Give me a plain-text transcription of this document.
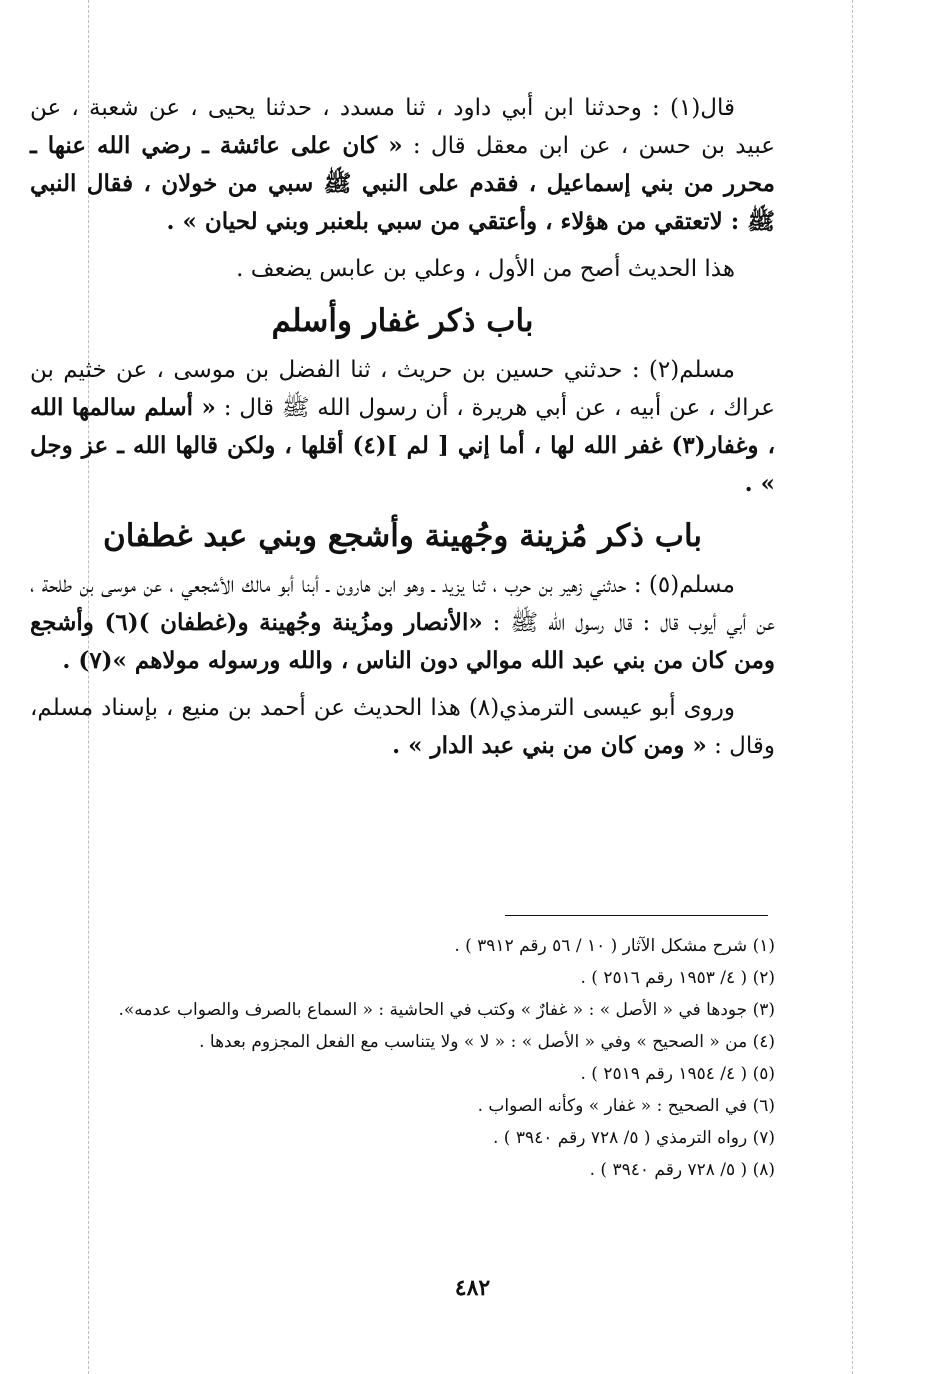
قال(١) : وحدثنا ابن أبي داود ، ثنا مسدد ، حدثنا يحيى ، عن شعبة ، عن عبيد بن حسن ، عن ابن معقل قال : « كان على عائشة ـ رضي الله عنها ـ محرر من بني إسماعيل ، فقدم على النبي ﷺ سبي من خولان ، فقال النبي ﷺ : لاتعتقي من هؤلاء ، وأعتقي من سبي بلعنبر وبني لحيان » .

هذا الحديث أصح من الأول ، وعلي بن عابس يضعف .

باب ذكر غفار وأسلم

مسلم(٢) : حدثني حسين بن حريث ، ثنا الفضل بن موسى ، عن خثيم بن عراك ، عن أبيه ، عن أبي هريرة ، أن رسول الله ﷺ قال : « أسلم سالمها الله ، وغفار(٣) غفر الله لها ، أما إني [ لم ](٤) أقلها ، ولكن قالها الله ـ عز وجل » .

باب ذكر مُزينة وجُهينة وأشجع وبني عبد غطفان

مسلم(٥) : حدثني زهير بن حرب ، ثنا يزيد ـ وهو ابن هارون ـ أبنا أبو مالك الأشجعي ، عن موسى بن طلحة ، عن أبي أيوب قال : قال رسول الله ﷺ : «الأنصار ومزُينة وجُهينة و(غطفان )(٦) وأشجع ومن كان من بني عبد الله موالي دون الناس ، والله ورسوله مولاهم »(٧) .

وروى أبو عيسى الترمذي(٨) هذا الحديث عن أحمد بن منيع ، بإسناد مسلم، وقال : « ومن كان من بني عبد الدار » .

(١) شرح مشكل الآثار ( ١٠ / ٥٦ رقم ٣٩١٢ ) .

(٢) ( ٤/ ١٩٥٣ رقم ٢٥١٦ ) .

(٣) جودها في « الأصل » : « غفارٌ » وكتب في الحاشية : « السماع بالصرف والصواب عدمه».

(٤) من « الصحيح » وفي « الأصل » : « لا » ولا يتناسب مع الفعل المجزوم بعدها .

(٥) ( ٤/ ١٩٥٤ رقم ٢٥١٩ ) .

(٦) في الصحيح : « غفار » وكأنه الصواب .

(٧) رواه الترمذي ( ٥/ ٧٢٨ رقم ٣٩٤٠ ) .

(٨) ( ٥/ ٧٢٨ رقم ٣٩٤٠ ) .

٤٨٢
